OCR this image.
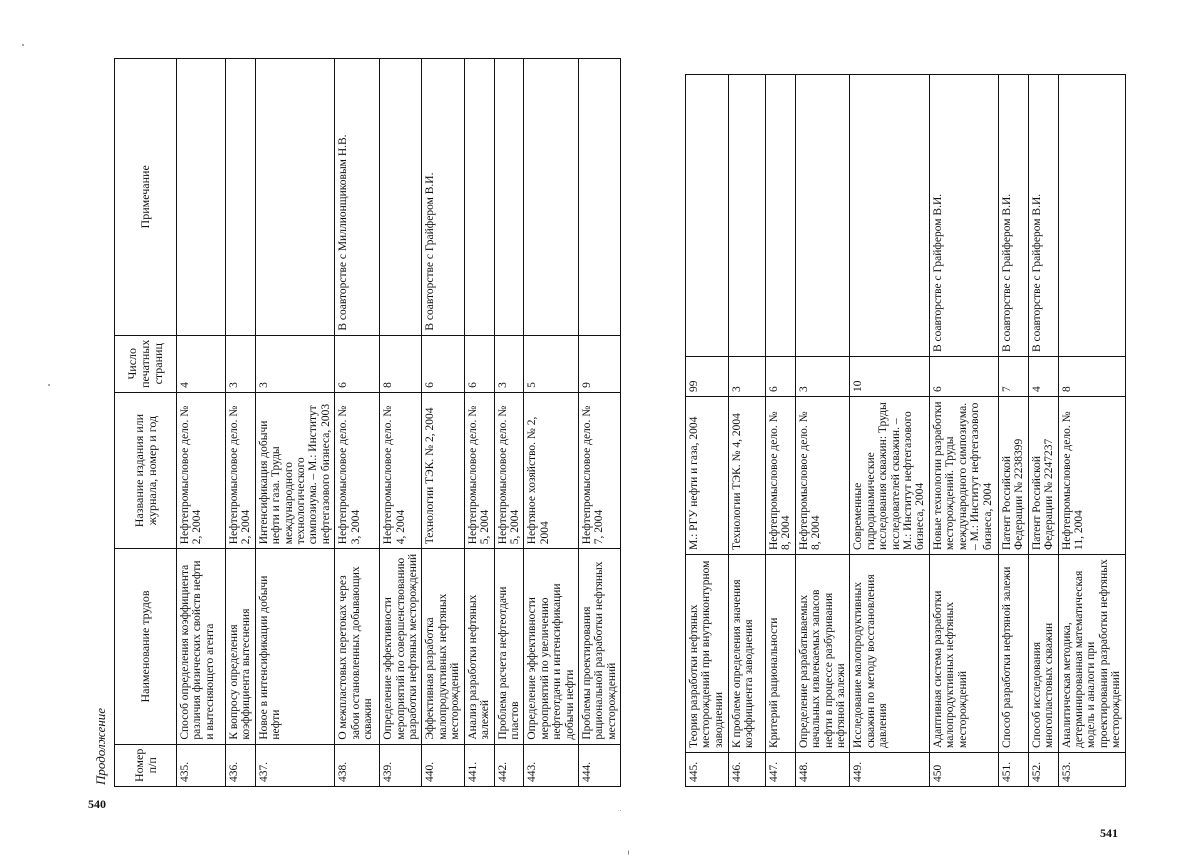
Продолжение	Номер п/п	Наименование трудов	Название издания или журнала, номер и год	Число печатных страниц	Примечание
435.	Способ определения коэффициента различия физических свойств нефти и вытесняющего агента	Нефтепромысловое дело. № 2, 2004	4	
436.	К вопросу определения коэффициента вытеснения	Нефтепромысловое дело. № 2, 2004	3	
437.	Новое в интенсификации добычи нефти	Интенсификация добычи нефти и газа. Труды международного технологического симпозиума. – М.: Институт нефтегазового бизнеса, 2003	3	
438.	О межпластовых перетоках через забои остановленных добывающих скважин	Нефтепромысловое дело. № 3, 2004	6	В соавторстве с Миллионщиковым Н.В.
439.	Определение эффективности мероприятий по совершенствованию разработки нефтяных месторождений	Нефтепромысловое дело. № 4, 2004	8	
440.	Эффективная разработка малопродуктивных нефтяных месторождений	Технологии ТЭК. № 2, 2004	6	В соавторстве с Грайфером В.И.
441.	Анализ разработки нефтяных залежей	Нефтепромысловое дело. № 5, 2004	6	
442.	Проблема расчета нефтеотдачи пластов	Нефтепромысловое дело. № 5, 2004	3	
443.	Определение эффективности мероприятий по увеличению нефтеотдачи и интенсификации добычи нефти	Нефтяное хозяйство. № 2, 2004	5	
444.	Проблемы проектирования рациональной разработки нефтяных месторождений	Нефтепромысловое дело. № 7, 2004	9	
445.	Теория разработки нефтяных месторождений при внутриконтурном заводнении	М.: РГУ нефти и газа, 2004	99	
446.	К проблеме определения значения коэффициента заводнения	Технологии ТЭК. № 4, 2004	3	
447.	Критерий рациональности	Нефтепромысловое дело. № 8, 2004	6	
448.	Определение разрабатываемых начальных извлекаемых запасов нефти в процессе разбуривания нефтяной залежи	Нефтепромысловое дело. № 8, 2004	3	
449.	Исследование малопродуктивных скважин по методу восстановления давления	Современные гидродинамические исследования скважин: Труды исследователей скважин. – М.: Институт нефтегазового бизнеса, 2004	10	
450	Адаптивная система разработки малопродуктивных нефтяных месторождений	Новые технологии разработки месторождений. Труды международного симпозиума. – М.: Институт нефтегазового бизнеса, 2004	6	В соавторстве с Грайфером В.И.
451.	Способ разработки нефтяной залежи	Патент Российской Федерации № 2238399	7	В соавторстве с Грайфером В.И.
452.	Способ исследования многопластовых скважин	Патент Российской Федерации № 2247237	4	В соавторстве с Грайфером В.И.
453.	Аналитическая методика, детерминированная математическая модель и аналоги при проектировании разработки нефтяных месторождений	Нефтепромысловое дело. № 11, 2004	8	
540
541
